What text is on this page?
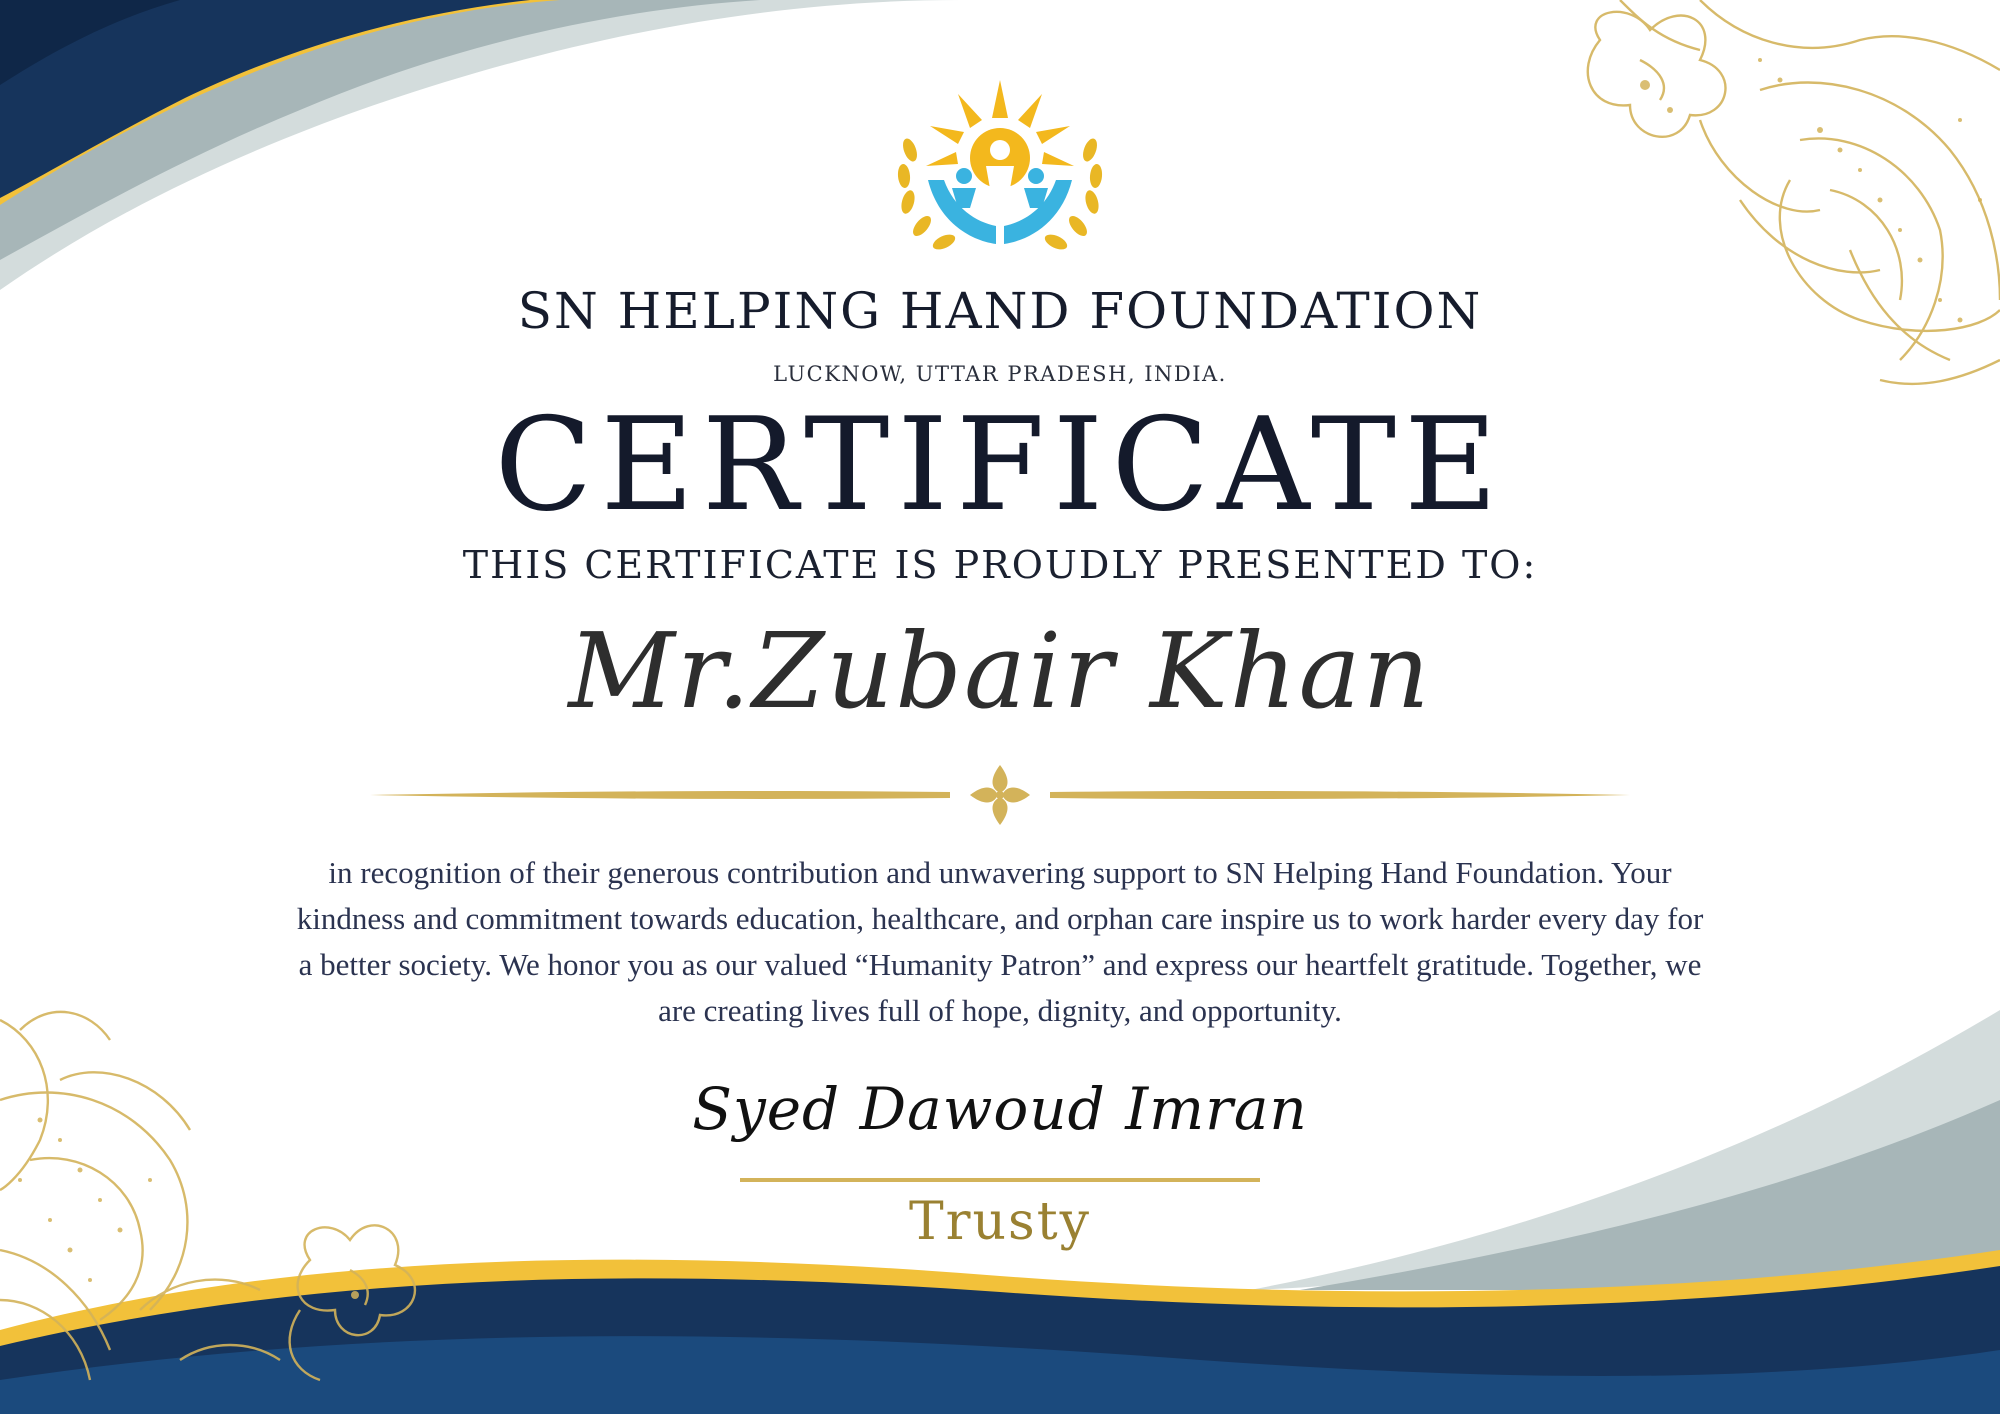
SN HELPING HAND FOUNDATION
LUCKNOW, UTTAR PRADESH, INDIA.
CERTIFICATE
THIS CERTIFICATE IS PROUDLY PRESENTED TO:
Mr.Zubair Khan
in recognition of their generous contribution and unwavering support to SN Helping Hand Foundation. Your kindness and commitment towards education, healthcare, and orphan care inspire us to work harder every day for a better society. We honor you as our valued “Humanity Patron” and express our heartfelt gratitude. Together, we are creating lives full of hope, dignity, and opportunity.
Syed Dawoud Imran
Trusty
